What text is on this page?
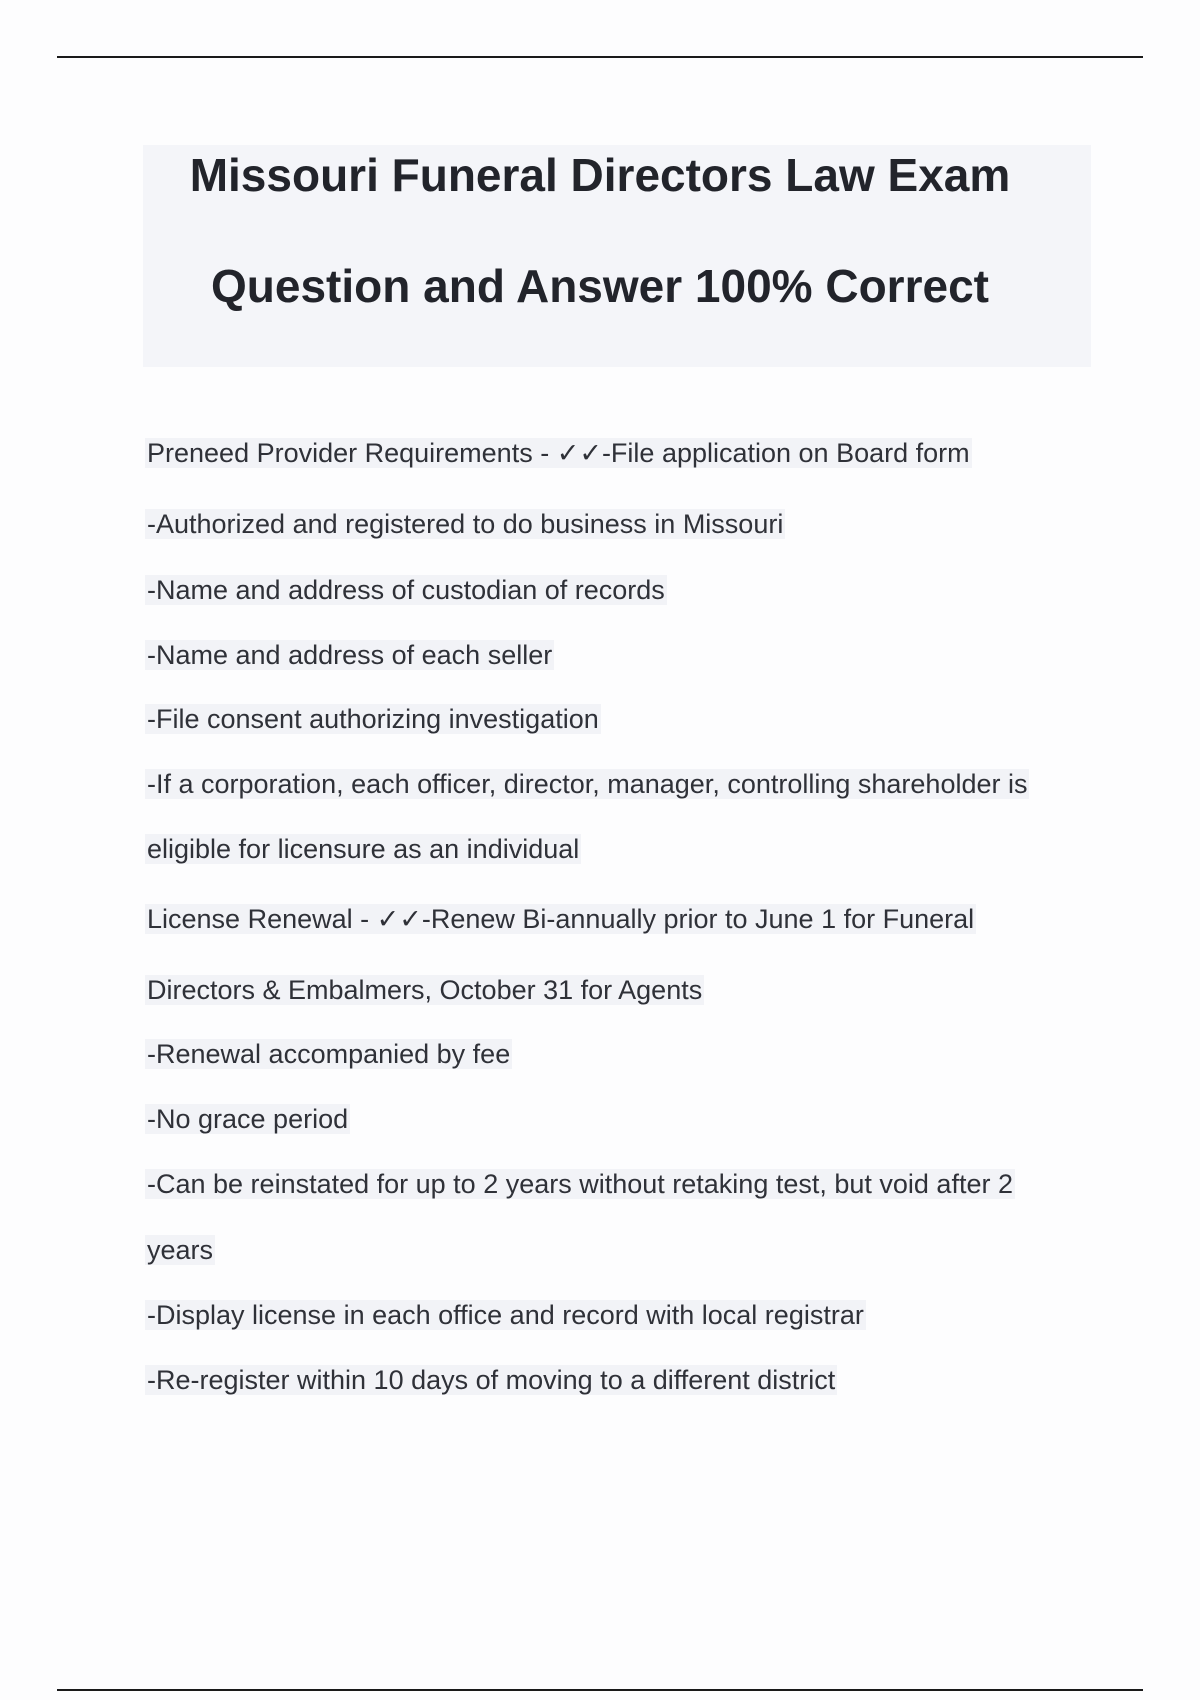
Missouri Funeral Directors Law Exam
Question and Answer 100% Correct
Preneed Provider Requirements - ✓✓-File application on Board form
-Authorized and registered to do business in Missouri
-Name and address of custodian of records
-Name and address of each seller
-File consent authorizing investigation
-If a corporation, each officer, director, manager, controlling shareholder is
eligible for licensure as an individual
License Renewal - ✓✓-Renew Bi-annually prior to June 1 for Funeral
Directors & Embalmers, October 31 for Agents
-Renewal accompanied by fee
-No grace period
-Can be reinstated for up to 2 years without retaking test, but void after 2
years
-Display license in each office and record with local registrar
-Re-register within 10 days of moving to a different district
